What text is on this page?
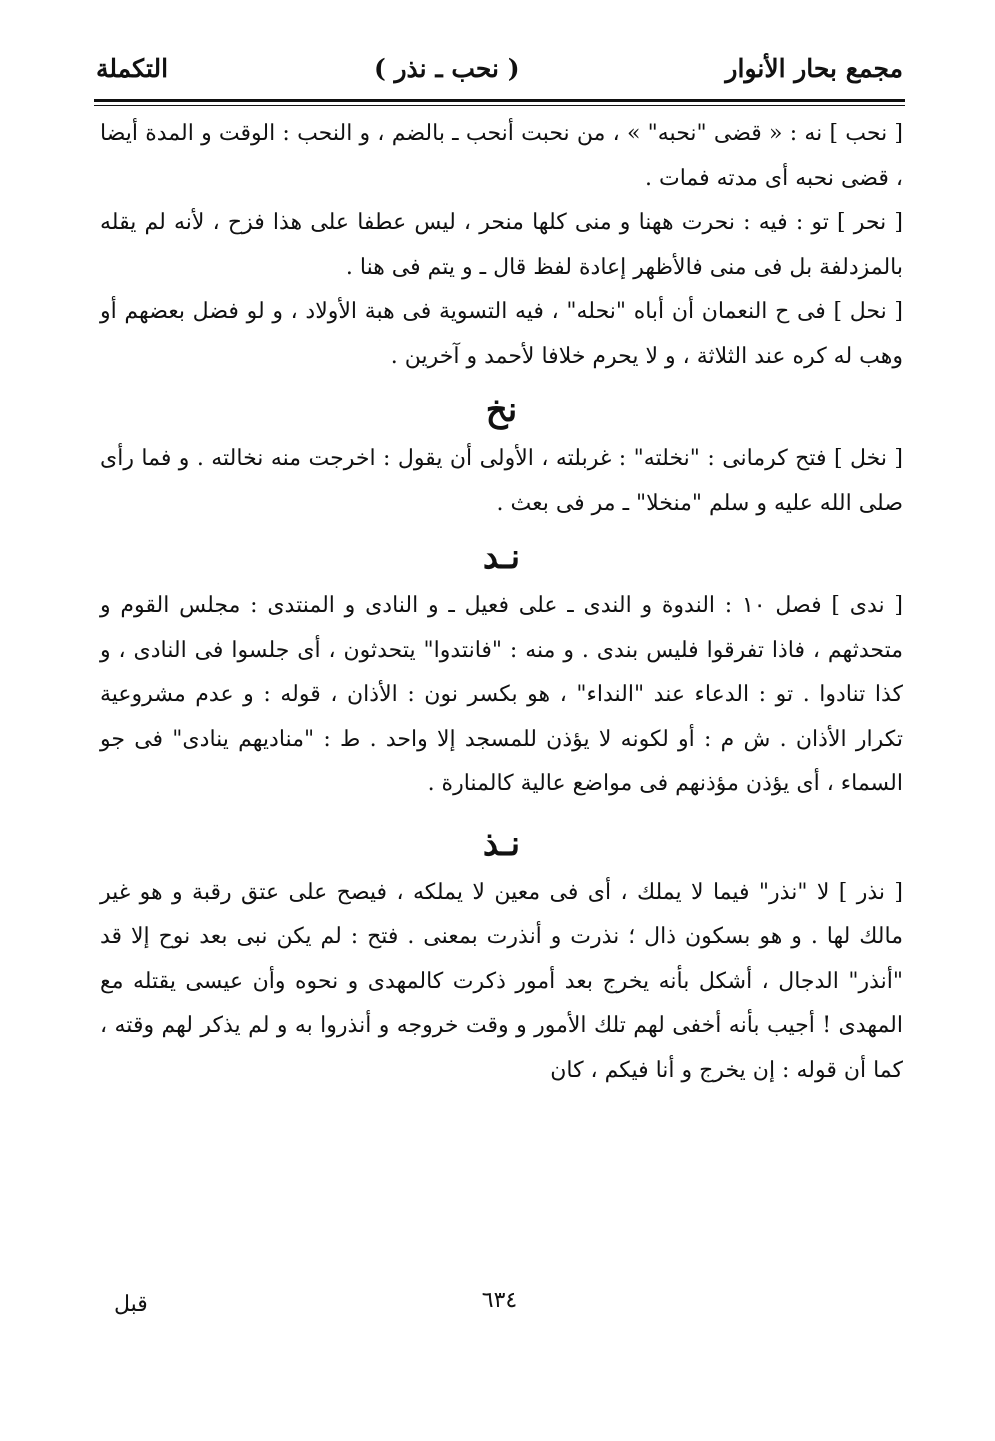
مجمع بحار الأنوار
( نحب ـ نذر )
التكملة

[ نحب ] نه : « قضى "نحبه" » ، من نحبت أنحب ـ بالضم ، و النحب : الوقت و المدة أيضا ، قضى نحبه أى مدته فمات .

[ نحر ] تو : فيه : نحرت ههنا و منى كلها منحر ، ليس عطفا على هذا فزح ، لأنه لم يقله بالمزدلفة بل فى منى فالأظهر إعادة لفظ قال ـ و يتم فى هنا .

[ نحل ] فى ح النعمان أن أباه "نحله" ، فيه التسوية فى هبة الأولاد ، و لو فضل بعضهم أو وهب له كره عند الثلاثة ، و لا يحرم خلافا لأحمد و آخرين .

نخ

[ نخل ] فتح كرمانى : "نخلته" : غربلته ، الأولى أن يقول : اخرجت منه نخالته . و فما رأى صلى الله عليه و سلم "منخلا" ـ مر فى بعث .

نـد

[ ندى ] فصل ١٠ : الندوة و الندى ـ على فعيل ـ و النادى و المنتدى : مجلس القوم و متحدثهم ، فاذا تفرقوا فليس بندى . و منه : "فانتدوا" يتحدثون ، أى جلسوا فى النادى ، و كذا تنادوا . تو : الدعاء عند "النداء" ، هو بكسر نون : الأذان ، قوله : و عدم مشروعية تكرار الأذان . ش م : أو لكونه لا يؤذن للمسجد إلا واحد . ط : "مناديهم ينادى" فى جو السماء ، أى يؤذن مؤذنهم فى مواضع عالية كالمنارة .

نـذ

[ نذر ] لا "نذر" فيما لا يملك ، أى فى معين لا يملكه ، فيصح على عتق رقبة و هو غير مالك لها . و هو بسكون ذال ؛ نذرت و أنذرت بمعنى . فتح : لم يكن نبى بعد نوح إلا قد "أنذر" الدجال ، أشكل بأنه يخرج بعد أمور ذكرت كالمهدى و نحوه وأن عيسى يقتله مع المهدى ! أجيب بأنه أخفى لهم تلك الأمور و وقت خروجه و أنذروا به و لم يذكر لهم وقته ، كما أن قوله : إن يخرج و أنا فيكم ، كان

٦٣٤
قبل
